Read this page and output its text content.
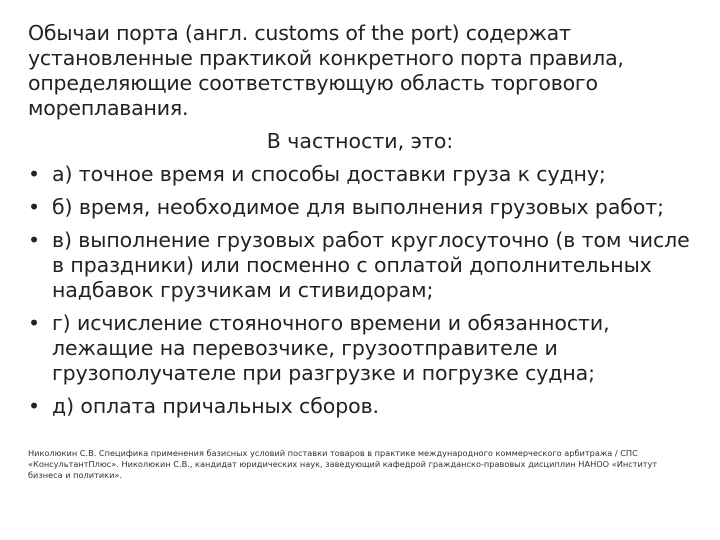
Обычаи порта (англ. customs of the port) содержат установленные практикой конкретного порта правила, определяющие соответствующую область торгового мореплавания.
В частности, это:
• а) точное время и способы доставки груза к судну;
• б) время, необходимое для выполнения грузовых работ;
• в) выполнение грузовых работ круглосуточно (в том числе в праздники) или посменно с оплатой дополнительных надбавок грузчикам и стивидорам;
• г) исчисление стояночного времени и обязанности, лежащие на перевозчике, грузоотправителе и грузополучателе при разгрузке и погрузке судна;
• д) оплата причальных сборов.
Николюкин С.В. Специфика применения базисных условий поставки товаров в практике международного коммерческого арбитража / СПС «КонсультантПлюс». Николюкин С.В., кандидат юридических наук, заведующий кафедрой гражданско-правовых дисциплин НАНОО «Институт бизнеса и политики».
